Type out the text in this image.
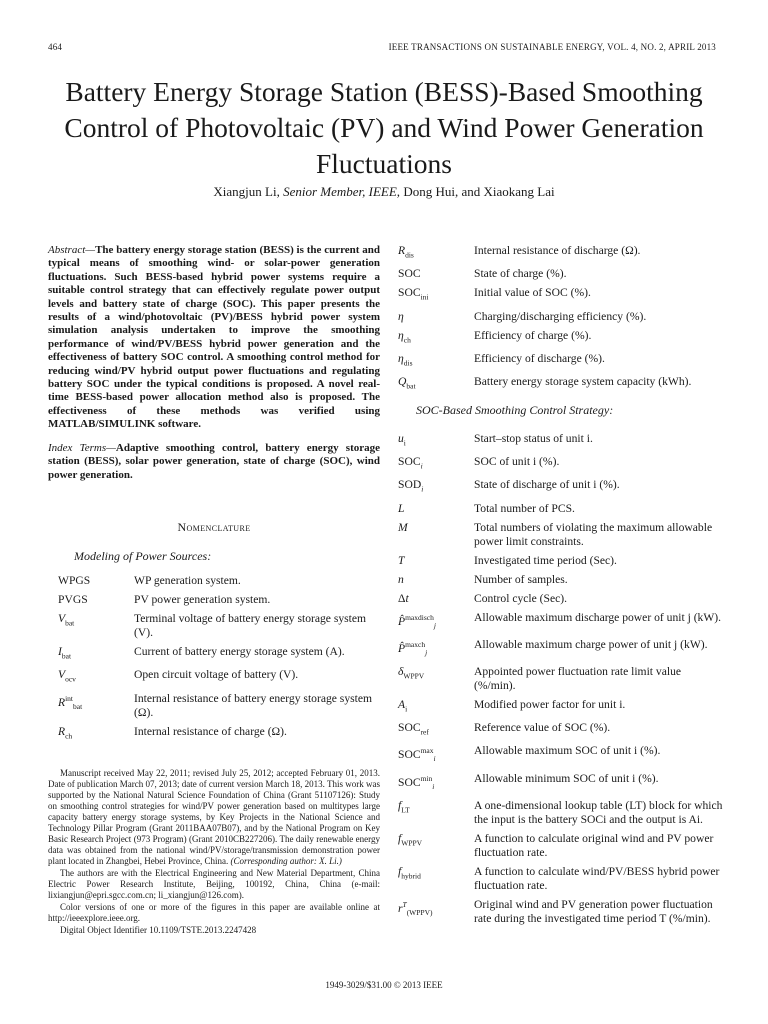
464	IEEE TRANSACTIONS ON SUSTAINABLE ENERGY, VOL. 4, NO. 2, APRIL 2013
Battery Energy Storage Station (BESS)-Based Smoothing Control of Photovoltaic (PV) and Wind Power Generation Fluctuations
Xiangjun Li, Senior Member, IEEE, Dong Hui, and Xiaokang Lai

Abstract—The battery energy storage station (BESS) is the current and typical means of smoothing wind- or solar-power generation fluctuations. Such BESS-based hybrid power systems require a suitable control strategy that can effectively regulate power output levels and battery state of charge (SOC). This paper presents the results of a wind/photovoltaic (PV)/BESS hybrid power system simulation analysis undertaken to improve the smoothing performance of wind/PV/BESS hybrid power generation and the effectiveness of battery SOC control. A smoothing control method for reducing wind/PV hybrid output power fluctuations and regulating battery SOC under the typical conditions is proposed. A novel real-time BESS-based power allocation method also is proposed. The effectiveness of these methods was verified using MATLAB/SIMULINK software.

Index Terms—Adaptive smoothing control, battery energy storage station (BESS), solar power generation, state of charge (SOC), wind power generation.

Nomenclature
Modeling of Power Sources:
WPGS	WP generation system.
PVGS	PV power generation system.
$V_{bat}$	Terminal voltage of battery energy storage system (V).
$I_{bat}$	Current of battery energy storage system (A).
$V_{ocv}$	Open circuit voltage of battery (V).
$R^{int}_{bat}$	Internal resistance of battery energy storage system (Ω).
$R_{ch}$	Internal resistance of charge (Ω).

Manuscript received May 22, 2011; revised July 25, 2012; accepted February 01, 2013. Date of publication March 07, 2013; date of current version March 18, 2013. This work was supported by the National Natural Science Foundation of China (Grant 51107126): Study on smoothing control strategies for wind/PV power generation based on multitypes large capacity battery energy storage systems, by Key Projects in the National Science and Technology Pillar Program (Grant 2011BAA07B07), and by the National Program on Key Basic Research Project (973 Program) (Grant 2010CB227206). The daily renewable energy data was obtained from the national wind/PV/storage/transmission demonstration power plant located in Zhangbei, Hebei Province, China. (Corresponding author: X. Li.)

The authors are with the Electrical Engineering and New Material Department, China Electric Power Research Institute, Beijing, 100192, China, China (e-mail: lixiangjun@epri.sgcc.com.cn; li_xiangjun@126.com).

Color versions of one or more of the figures in this paper are available online at http://ieeexplore.ieee.org.

Digital Object Identifier 10.1109/TSTE.2013.2247428

$R_{dis}$	Internal resistance of discharge (Ω).
SOC	State of charge (%).
$SOC_{ini}$	Initial value of SOC (%).
η	Charging/discharging efficiency (%).
$\eta_{ch}$	Efficiency of charge (%).
$\eta_{dis}$	Efficiency of discharge (%).
$Q_{bat}$	Battery energy storage system capacity (kWh).
SOC-Based Smoothing Control Strategy:
$u_i$	Start–stop status of unit i.
$SOC_i$	SOC of unit i (%).
$SOD_i$	State of discharge of unit i (%).
L	Total number of PCS.
M	Total numbers of violating the maximum allowable power limit constraints.
T	Investigated time period (Sec).
n	Number of samples.
Δt	Control cycle (Sec).
P̂$^{maxdisch}_j$	Allowable maximum discharge power of unit j (kW).
P̂$^{maxch}_j$	Allowable maximum charge power of unit j (kW).
$\delta_{WPPV}$	Appointed power fluctuation rate limit value (%/min).
$A_i$	Modified power factor for unit i.
$SOC_{ref}$	Reference value of SOC (%).
$SOC^{max}_i$	Allowable maximum SOC of unit i (%).
$SOC^{min}_i$	Allowable minimum SOC of unit i (%).
$f_{LT}$	A one-dimensional lookup table (LT) block for which the input is the battery SOCi and the output is Ai.
$f_{WPPV}$	A function to calculate original wind and PV power fluctuation rate.
$f_{hybrid}$	A function to calculate wind/PV/BESS hybrid power fluctuation rate.
$r^T_{(WPPV)}$	Original wind and PV generation power fluctuation rate during the investigated time period T (%/min).
1949-3029/$31.00 © 2013 IEEE
